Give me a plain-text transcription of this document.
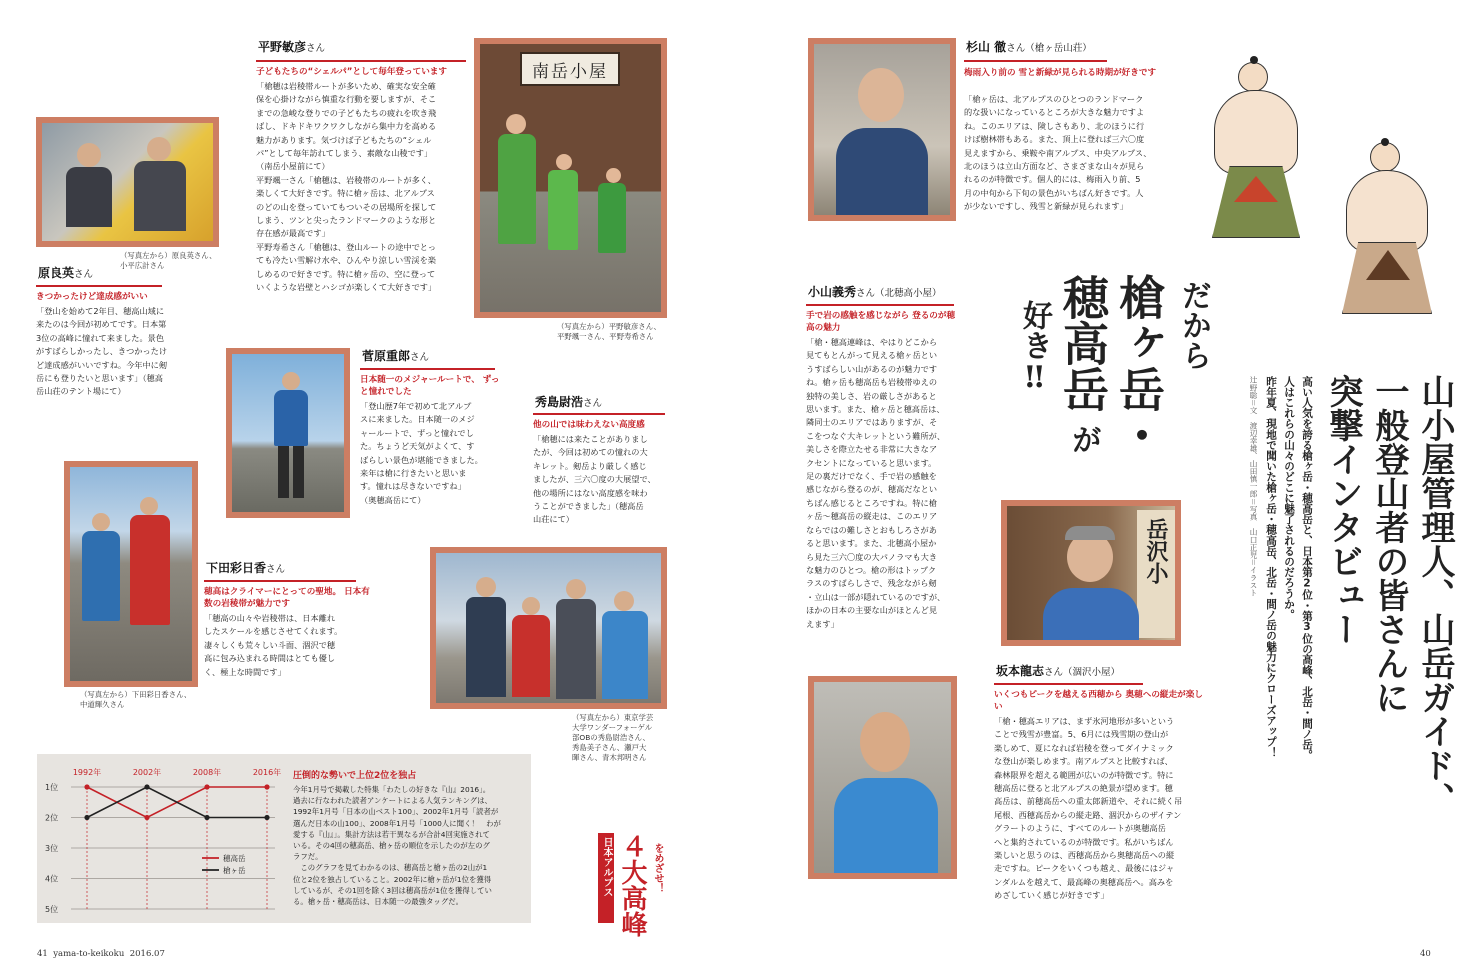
平野敏彦さん
子どもたちの“シェルパ”として毎年登っています
「槍穂は岩稜帯ルートが多いため、確実な安全確
保を心掛けながら慎重な行動を要しますが、そこ
までの急峻な登りでの子どもたちの疲れを吹き飛
ばし、ドキドキワクワクしながら集中力を高める
魅力があります。気づけば子どもたちの“シェル
パ”として毎年訪れてしまう、素敵な山稜です」
（南岳小屋前にて）
平野颯一さん「槍穂は、岩稜帯のルートが多く、
楽しくて大好きです。特に槍ヶ岳は、北アルプス
のどの山を登っていてもついその居場所を探して
しまう、ツンと尖ったランドマークのような形と
存在感が最高です」
平野寿希さん「槍穂は、登山ルートの途中でとっ
ても冷たい雪解け水や、ひんやり涼しい雪渓を楽
しめるので好きです。特に槍ヶ岳の、空に登って
いくような岩壁とハシゴが楽しくて大好きです」
南岳小屋
（写真左から）平野敏彦さん、
平野颯一さん、平野寿希さん
（写真左から）原良英さん、
小平広計さん
原良英さん
きつかったけど達成感がいい
「登山を始めて2年目、穂高山域に
来たのは今回が初めてです。日本第
3位の高峰に憧れて来ました。景色
がすばらしかったし、きつかったけ
ど達成感がいいですね。今年中に剱
岳にも登りたいと思います」（穂高
岳山荘のテント場にて）
菅原重郎さん
日本随一のメジャールートで、 ずっと憧れでした
「登山歴7年で初めて北アルプ
スに来ました。日本随一のメジ
ャールートで、ずっと憧れでし
た。ちょうど天気がよくて、す
ばらしい景色が堪能できました。
来年は槍に行きたいと思いま
す。憧れは尽きないですね」
（奥穂高岳にて）
秀島尉浩さん
他の山では味わえない高度感
「槍穂には来たことがありまし
たが、今回は初めての憧れの大
キレット。剱岳より厳しく感じ
ましたが、三六〇度の大展望で、
他の場所にはない高度感を味わ
うことができました」（穂高岳
山荘にて）
（写真左から）東京学芸
大学ワンダーフォーゲル
部OBの秀島尉浩さん、
秀島美子さん、瀬戸大
暉さん、青木邦明さん
（写真左から）下田彩日香さん、
中道輝久さん
下田彩日香さん
穂高はクライマーにとっての聖地。 日本有数の岩稜帯が魅力です
「穂高の山々や岩稜帯は、日本離れ
したスケールを感じさせてくれます。
凄々しくも荒々しい斗面、涸沢で穂
高に包み込まれる時間はとても優し
く、極上な時間です」
1位
2位
3位
4位
5位
1992年	2002年	2008年	2016年
穂高岳
槍ヶ岳
圧倒的な勢いで上位2位を独占
今年1月号で掲載した特集「わたしの好きな『山』2016」。
過去に行なわれた読者アンケートによる人気ランキングは、
1992年1月号「日本の山ベスト100」、2002年1月号「読者が
選んだ日本の山100」、2008年1月号「1000人に聞く！　わが
愛する『山』」。集計方法は若干異なるが合計4回実施されて
いる。その4回の穂高岳、槍ヶ岳の順位を示したのが左のグ
ラフだ。
　このグラフを見てわかるのは、穂高岳と槍ヶ岳の2山が1
位と2位を独占していること。2002年に槍ヶ岳が1位を獲得
しているが、その1回を除く3回は穂高岳が1位を獲得してい
る。槍ヶ岳・穂高岳は、日本随一の最強タッグだ。
日本アルプス ４大高峰 をめざせ！
41 yama-to-keikoku 2016.07
杉山 徹さん（槍ヶ岳山荘）
梅雨入り前の 雪と新緑が見られる時期が好きです
「槍ヶ岳は、北アルプスのひとつのランドマーク
的な扱いになっているところが大きな魅力ですよ
ね。このエリアは、険しさもあり、北のほうに行
けば樹林帯もある。また、頂上に登れば三六〇度
見えますから、乗鞍や南アルプス、中央アルプス、
北のほうは立山方面など、さまざまな山々が見ら
れるのが特徴です。個人的には、梅雨入り前、5
月の中旬から下旬の景色がいちばん好きです。人
が少ないですし、残雪と新緑が見られます」
小山義秀さん（北穂高小屋）
手で岩の感触を感じながら 登るのが穂高の魅力
「槍・穂高連峰は、やはりどこから
見てもとんがって見える槍ヶ岳とい
うすばらしい山があるのが魅力です
ね。槍ヶ岳も穂高岳も岩稜帯ゆえの
独特の美しさ、岩の厳しさがあると
思います。また、槍ヶ岳と穂高岳は、
隣同士のエリアではありますが、そ
こをつなぐ大キレットという難所が、
美しさを際立たせる非常に大きなア
クセントになっていると思います。
足の裏だけでなく、手で岩の感触を
感じながら登るのが、穂高だなとい
ちばん感じるところですね。特に槍
ヶ岳〜穂高岳の縦走は、このエリア
ならではの難しさとおもしろさがあ
ると思います。また、北穂高小屋か
ら見た三六〇度の大パノラマも大き
な魅力のひとつ。槍の形はトップク
ラスのすばらしさで、残念ながら剱
・立山は一部が隠れているのですが、
ほかの日本の主要な山がほとんど見
えます」
だから
槍ヶ岳・
穂高岳
が
好き‼
山小屋管理人、山岳ガイド、
一般登山者の皆さんに
突撃インタビュー
高い人気を誇る槍ヶ岳・穂高岳と、日本第2位・第3位の高峰、北岳・間ノ岳。
人はこれらの山々のどこに魅了されるのだろうか。
昨年夏、現地で聞いた槍ヶ岳・穂高岳、北岳・間ノ岳の魅力にクローズアップ！
辻野聡＝文　渡辺幸雄、山田慎一郎＝写真　山口正児＝イラスト
岳沢小
坂本龍志さん（涸沢小屋）
いくつもピークを越える西穂から 奥穂への縦走が楽しい
「槍・穂高エリアは、まず氷河地形が多いという
ことで残雪が豊富。5、6月には残雪期の登山が
楽しめて、夏になれば岩稜を登ってダイナミック
な登山が楽しめます。南アルプスと比較すれば、
森林限界を超える範囲が広いのが特徴です。特に
穂高岳に登ると北アルプスの絶景が望めます。穂
高岳は、前穂高岳への重太郎新道や、それに続く吊
尾根、西穂高岳からの縦走路、涸沢からのザイテン
グラートのように、すべてのルートが奥穂高岳
へと集約されているのが特徴です。私がいちばん
楽しいと思うのは、西穂高岳から奥穂高岳への縦
走ですね。ピークをいくつも越え、最後にはジャ
ンダルムを越えて、最高峰の奥穂高岳へ。高みを
めざしていく感じが好きです」
40
